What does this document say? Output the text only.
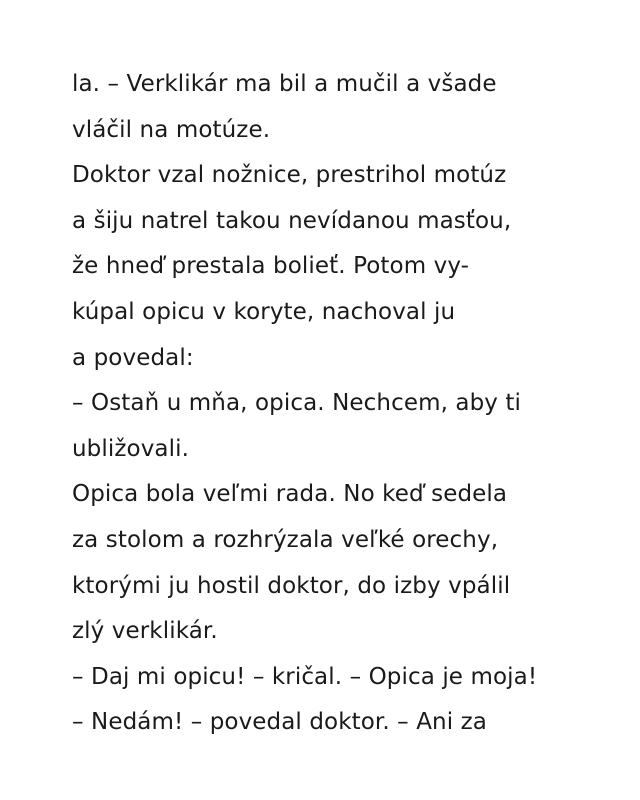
la. – Verklikár ma bil a mučil a všade
vláčil na motúze.
Doktor vzal nožnice, prestrihol motúz
a šiju natrel takou nevídanou masťou,
že hneď prestala bolieť. Potom vy-
kúpal opicu v koryte, nachoval ju
a povedal:
– Ostaň u mňa, opica. Nechcem, aby ti
ubližovali.
Opica bola veľmi rada. No keď sedela
za stolom a rozhrýzala veľké orechy,
ktorými ju hostil doktor, do izby vpálil
zlý verklikár.
– Daj mi opicu! – kričal. – Opica je moja!
– Nedám! – povedal doktor. – Ani za
